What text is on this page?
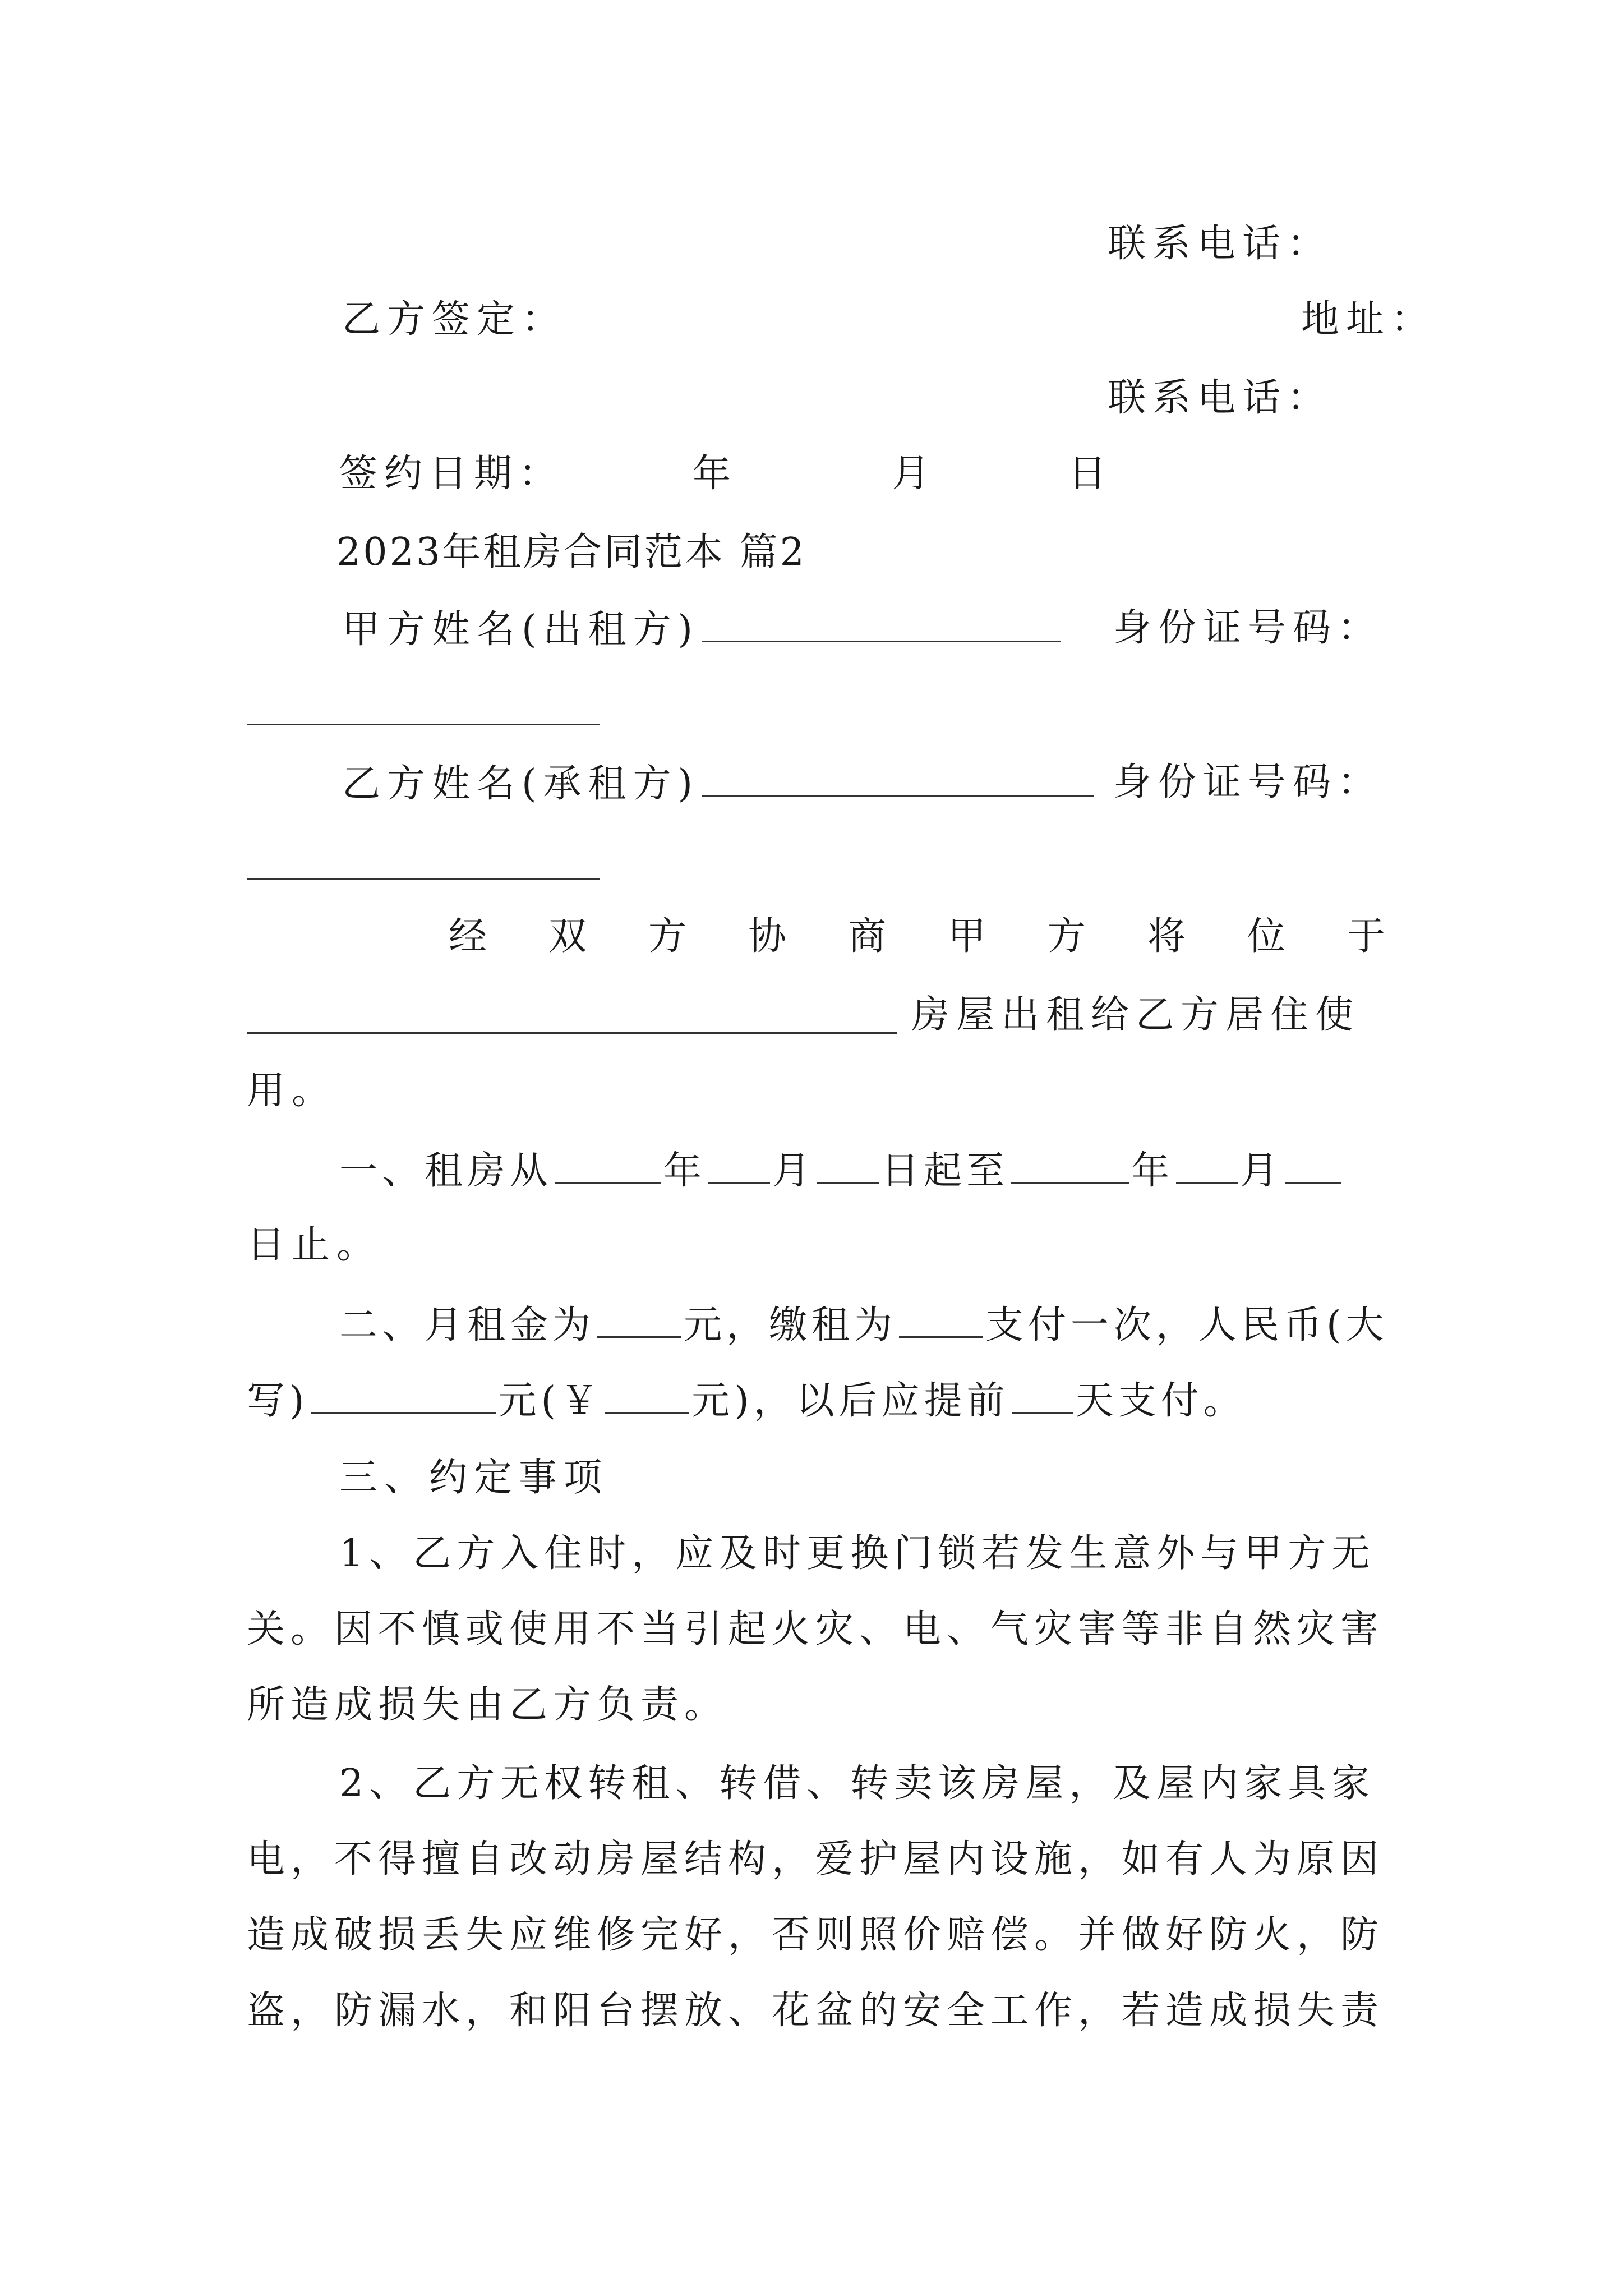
联系电话：
乙方签定：	地址：
联系电话：
签约日期：	年	月	日
2023年租房合同范本 篇2
甲方姓名(出租方)	身份证号码：
乙方姓名(承租方)	身份证号码：
经 双 方 协 商 甲 方 将 位 于
房屋出租给乙方居住使
用。
一、租房从	年 月 日起至	年 月
日止。
二、月租金为 元，缴租为 支付一次，人民币(大
写)	元(￥ 元)，以后应提前 天支付。
三、约定事项
1、乙方入住时，应及时更换门锁若发生意外与甲方无
关。因不慎或使用不当引起火灾、电、气灾害等非自然灾害
所造成损失由乙方负责。
2、乙方无权转租、转借、转卖该房屋，及屋内家具家
电，不得擅自改动房屋结构，爱护屋内设施，如有人为原因
造成破损丢失应维修完好，否则照价赔偿。并做好防火，防
盗，防漏水，和阳台摆放、花盆的安全工作，若造成损失责
